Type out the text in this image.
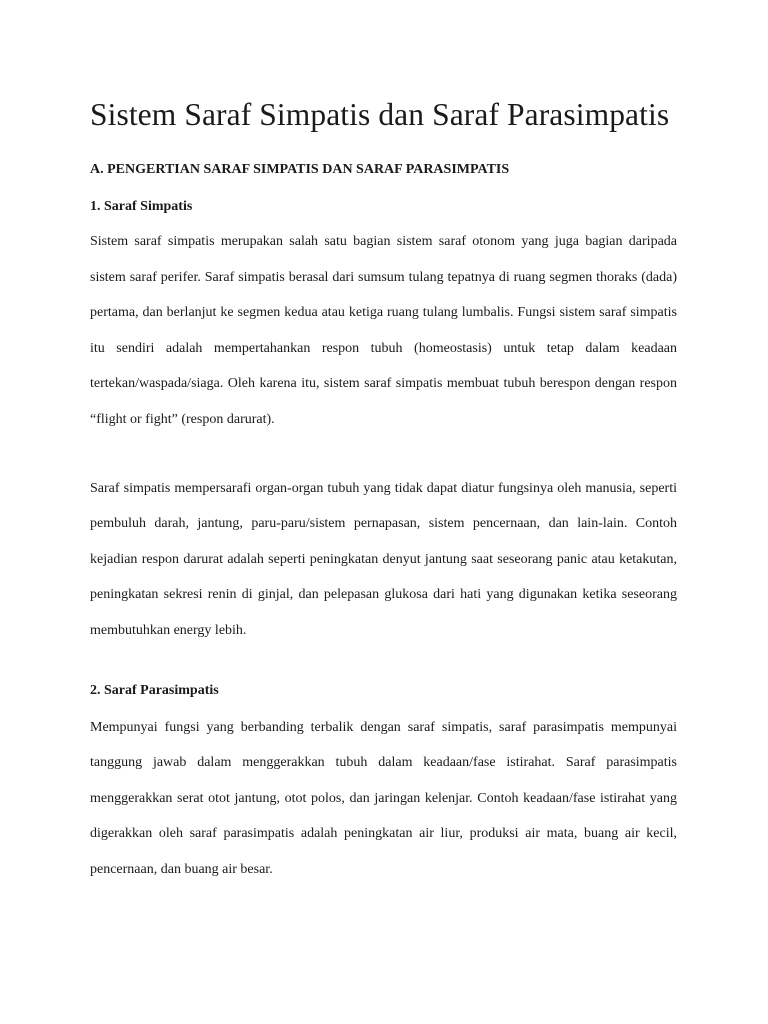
Sistem Saraf Simpatis dan Saraf Parasimpatis

A. PENGERTIAN SARAF SIMPATIS DAN SARAF PARASIMPATIS

1. Saraf Simpatis

Sistem saraf simpatis merupakan salah satu bagian sistem saraf otonom yang juga bagian daripada sistem saraf perifer. Saraf simpatis berasal dari sumsum tulang tepatnya di ruang segmen thoraks (dada) pertama, dan berlanjut ke segmen kedua atau ketiga ruang tulang lumbalis. Fungsi sistem saraf simpatis itu sendiri adalah mempertahankan respon tubuh (homeostasis) untuk tetap dalam keadaan tertekan/waspada/siaga. Oleh karena itu, sistem saraf simpatis membuat tubuh berespon dengan respon “flight or fight” (respon darurat).

Saraf simpatis mempersarafi organ-organ tubuh yang tidak dapat diatur fungsinya oleh manusia, seperti pembuluh darah, jantung, paru-paru/sistem pernapasan, sistem pencernaan, dan lain-lain. Contoh kejadian respon darurat adalah seperti peningkatan denyut jantung saat seseorang panic atau ketakutan, peningkatan sekresi renin di ginjal, dan pelepasan glukosa dari hati yang digunakan ketika seseorang membutuhkan energy lebih.

2. Saraf Parasimpatis

Mempunyai fungsi yang berbanding terbalik dengan saraf simpatis, saraf parasimpatis mempunyai tanggung jawab dalam menggerakkan tubuh dalam keadaan/fase istirahat. Saraf parasimpatis menggerakkan serat otot jantung, otot polos, dan jaringan kelenjar. Contoh keadaan/fase istirahat yang digerakkan oleh saraf parasimpatis adalah peningkatan air liur, produksi air mata, buang air kecil, pencernaan, dan buang air besar.
